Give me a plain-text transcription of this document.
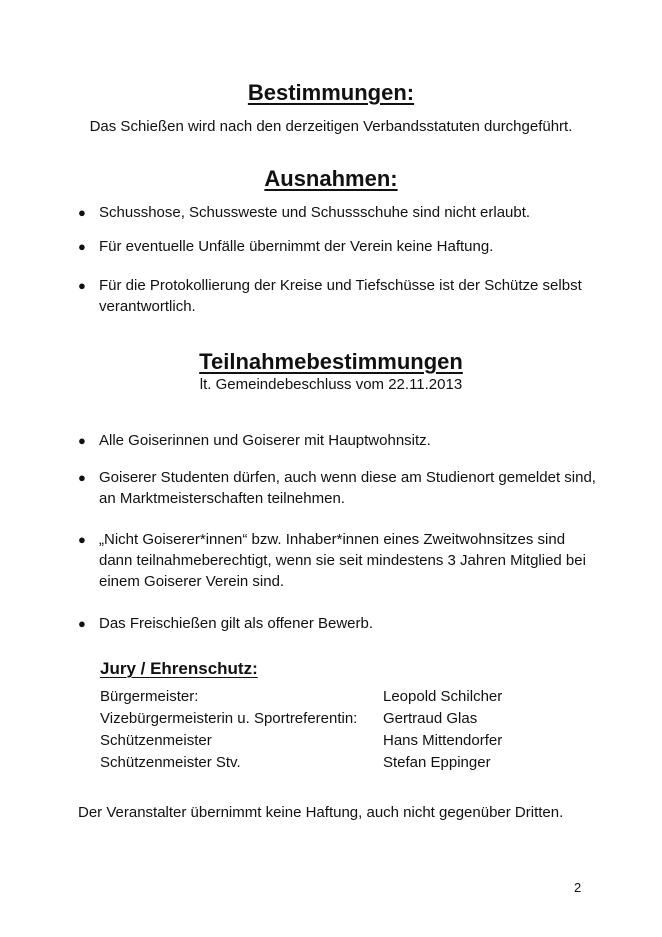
Bestimmungen:
Das Schießen wird nach den derzeitigen Verbandsstatuten durchgeführt.
Ausnahmen:
● Schusshose, Schussweste und Schussschuhe sind nicht erlaubt.
● Für eventuelle Unfälle übernimmt der Verein keine Haftung.
● Für die Protokollierung der Kreise und Tiefschüsse ist der Schütze selbst verantwortlich.
Teilnahmebestimmungen
lt. Gemeindebeschluss vom 22.11.2013
● Alle Goiserinnen und Goiserer mit Hauptwohnsitz.
● Goiserer Studenten dürfen, auch wenn diese am Studienort gemeldet sind, an Marktmeisterschaften teilnehmen.
● „Nicht Goiserer*innen“ bzw. Inhaber*innen eines Zweitwohnsitzes sind dann teilnahmeberechtigt, wenn sie seit mindestens 3 Jahren Mitglied bei einem Goiserer Verein sind.
● Das Freischießen gilt als offener Bewerb.
Jury / Ehrenschutz:
Bürgermeister:	Leopold Schilcher
Vizebürgermeisterin u. Sportreferentin: Gertraud Glas
Schützenmeister	Hans Mittendorfer
Schützenmeister Stv.	Stefan Eppinger
Der Veranstalter übernimmt keine Haftung, auch nicht gegenüber Dritten.
2
